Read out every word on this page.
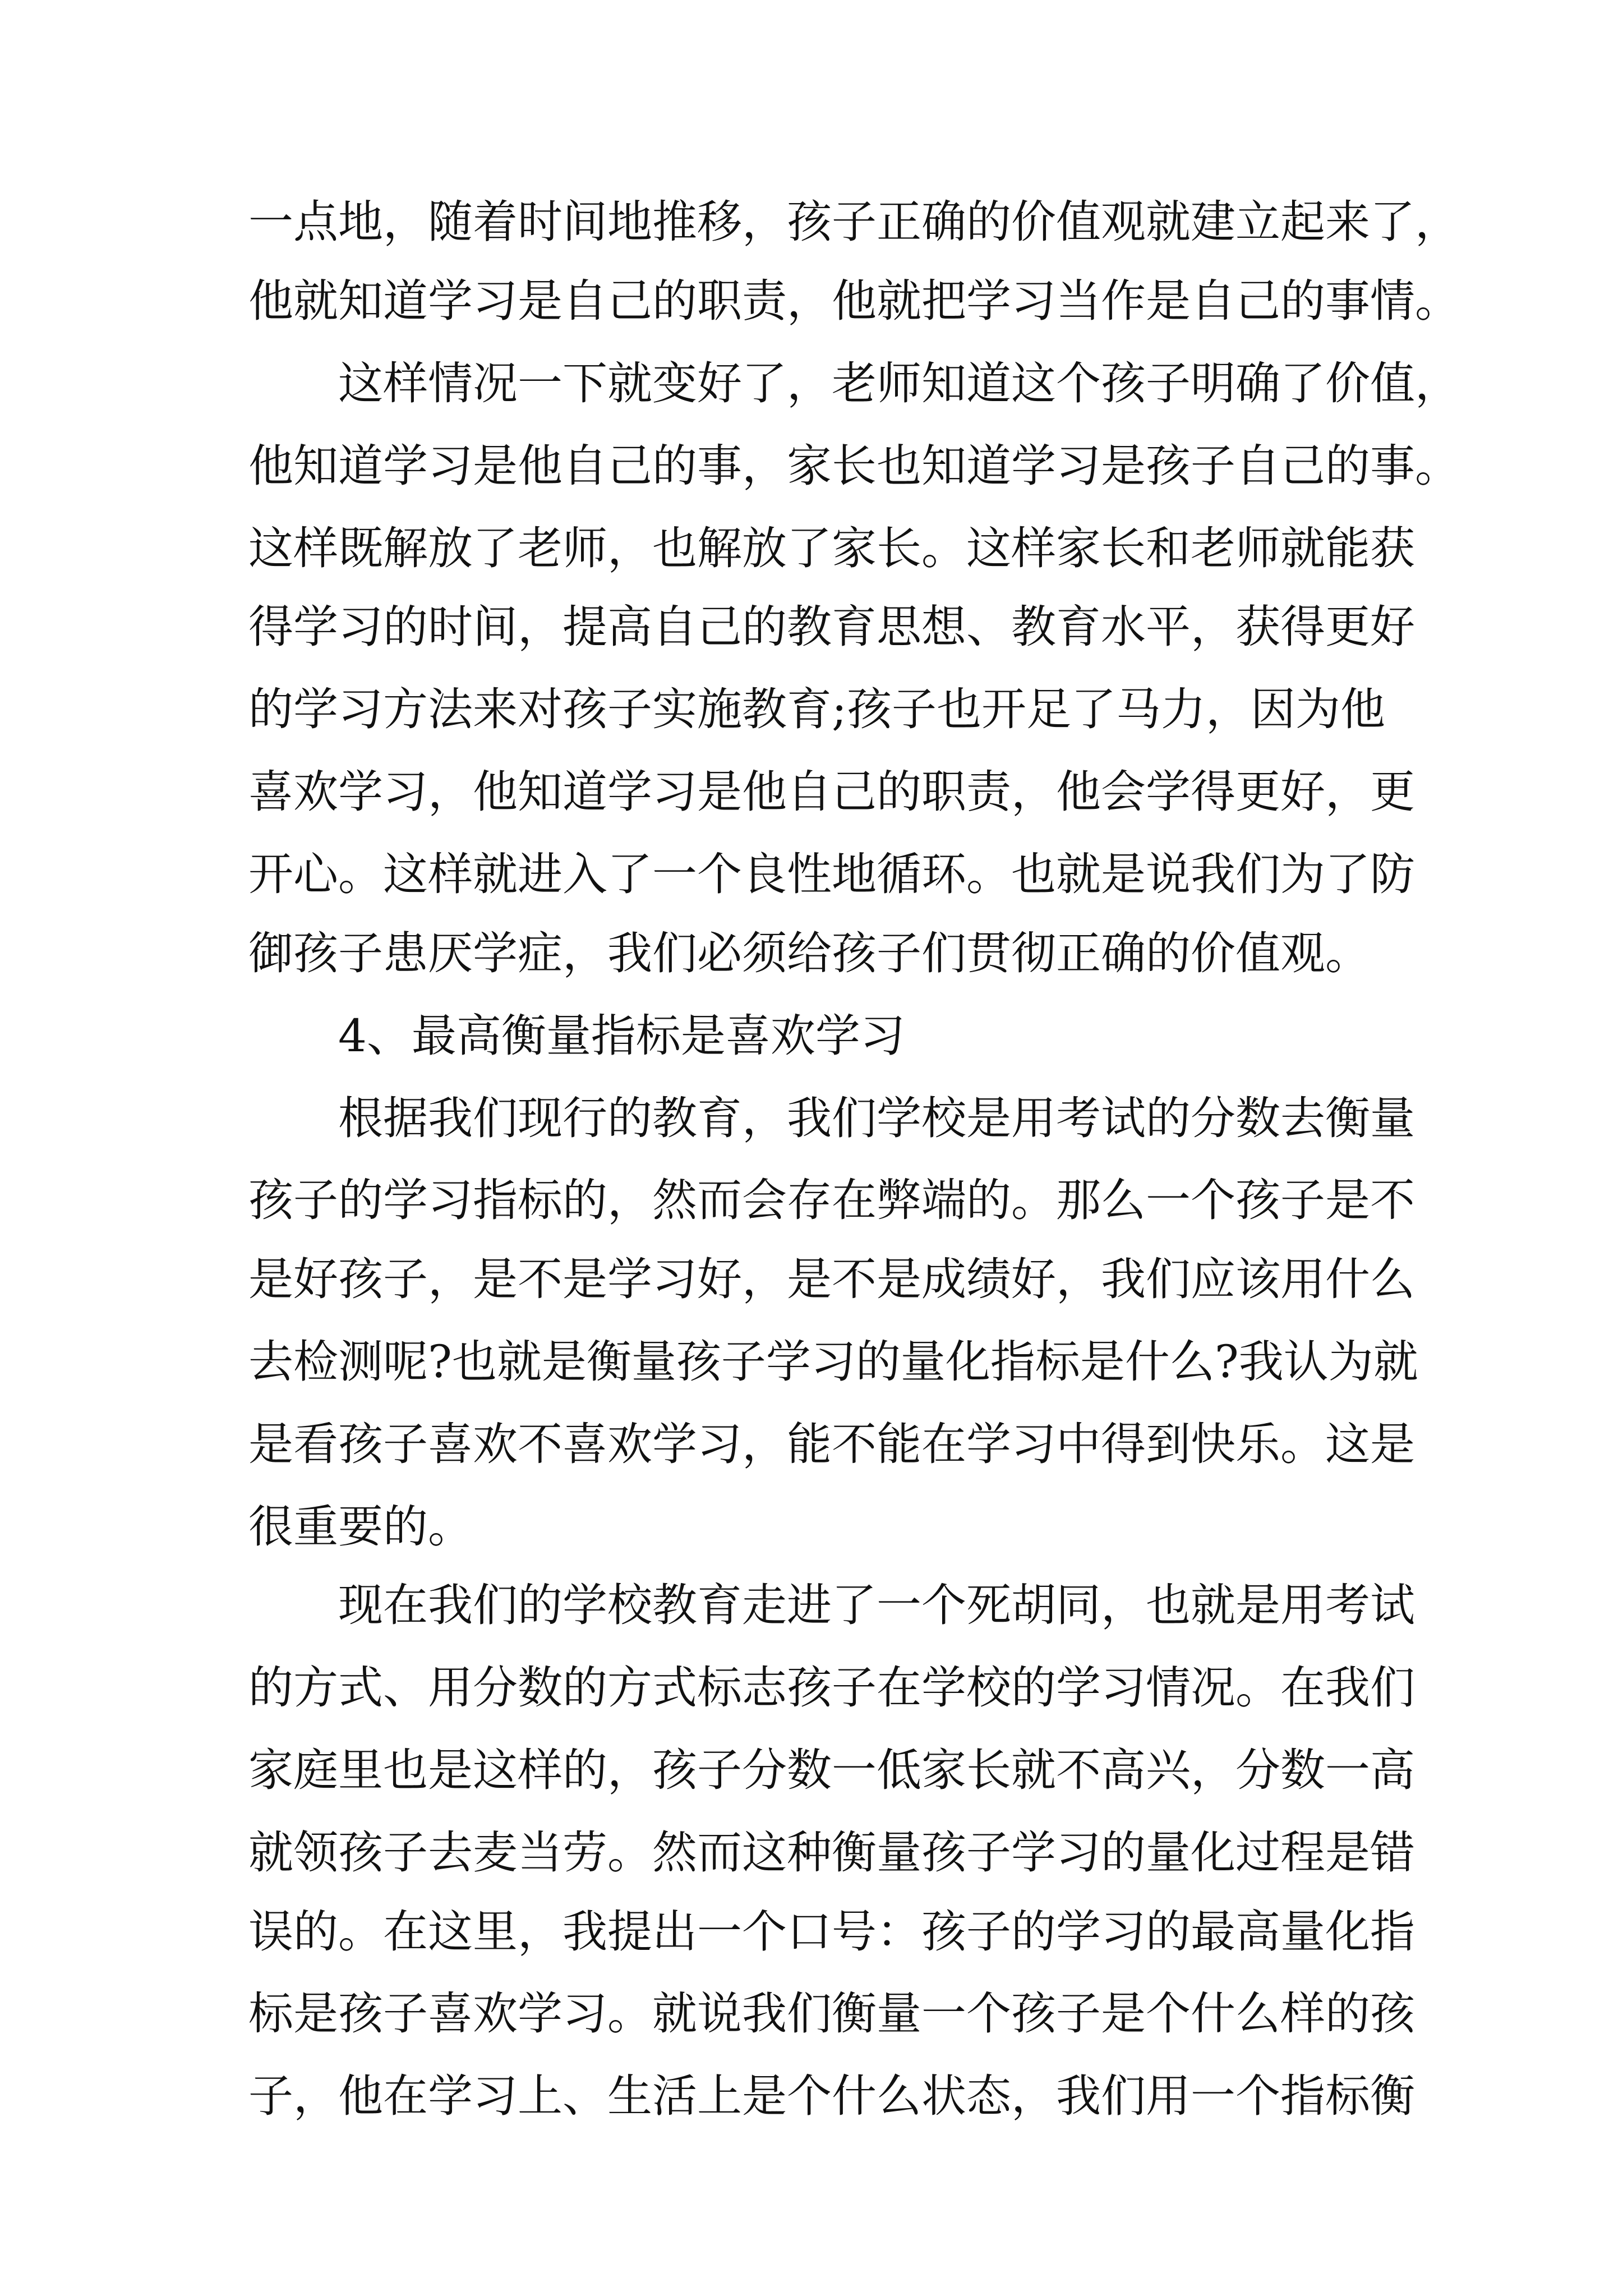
一点地，随着时间地推移，孩子正确的价值观就建立起来了，
他就知道学习是自己的职责，他就把学习当作是自己的事情。
这样情况一下就变好了，老师知道这个孩子明确了价值，
他知道学习是他自己的事，家长也知道学习是孩子自己的事。
这样既解放了老师，也解放了家长。这样家长和老师就能获
得学习的时间，提高自己的教育思想、教育水平，获得更好
的学习方法来对孩子实施教育;孩子也开足了马力，因为他
喜欢学习，他知道学习是他自己的职责，他会学得更好，更
开心。这样就进入了一个良性地循环。也就是说我们为了防
御孩子患厌学症，我们必须给孩子们贯彻正确的价值观。
4、最高衡量指标是喜欢学习
根据我们现行的教育，我们学校是用考试的分数去衡量
孩子的学习指标的，然而会存在弊端的。那么一个孩子是不
是好孩子，是不是学习好，是不是成绩好，我们应该用什么
去检测呢?也就是衡量孩子学习的量化指标是什么?我认为就
是看孩子喜欢不喜欢学习，能不能在学习中得到快乐。这是
很重要的。
现在我们的学校教育走进了一个死胡同，也就是用考试
的方式、用分数的方式标志孩子在学校的学习情况。在我们
家庭里也是这样的，孩子分数一低家长就不高兴，分数一高
就领孩子去麦当劳。然而这种衡量孩子学习的量化过程是错
误的。在这里，我提出一个口号：孩子的学习的最高量化指
标是孩子喜欢学习。就说我们衡量一个孩子是个什么样的孩
子，他在学习上、生活上是个什么状态，我们用一个指标衡
